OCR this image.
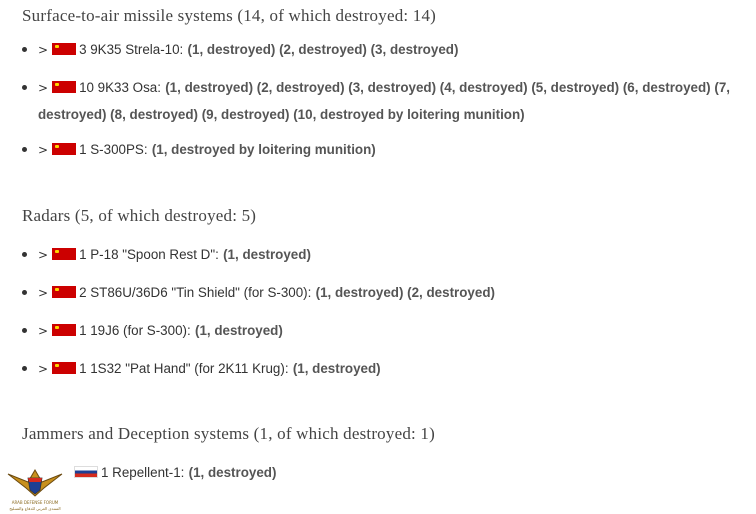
Surface-to-air missile systems (14, of which destroyed: 14)
> 3 9K35 Strela-10: (1, destroyed) (2, destroyed) (3, destroyed)
> 10 9K33 Osa: (1, destroyed) (2, destroyed) (3, destroyed) (4, destroyed) (5, destroyed) (6, destroyed) (7, destroyed) (8, destroyed) (9, destroyed) (10, destroyed by loitering munition)
> 1 S-300PS: (1, destroyed by loitering munition)
Radars (5, of which destroyed: 5)
> 1 P-18 "Spoon Rest D": (1, destroyed)
> 2 ST86U/36D6 "Tin Shield" (for S-300): (1, destroyed) (2, destroyed)
> 1 19J6 (for S-300): (1, destroyed)
> 1 1S32 "Pat Hand" (for 2K11 Krug): (1, destroyed)
Jammers and Deception systems (1, of which destroyed: 1)
1 Repellent-1: (1, destroyed)
ARAB DEFENSE FORUM
المنتدى العربي للدفاع والتسليح
